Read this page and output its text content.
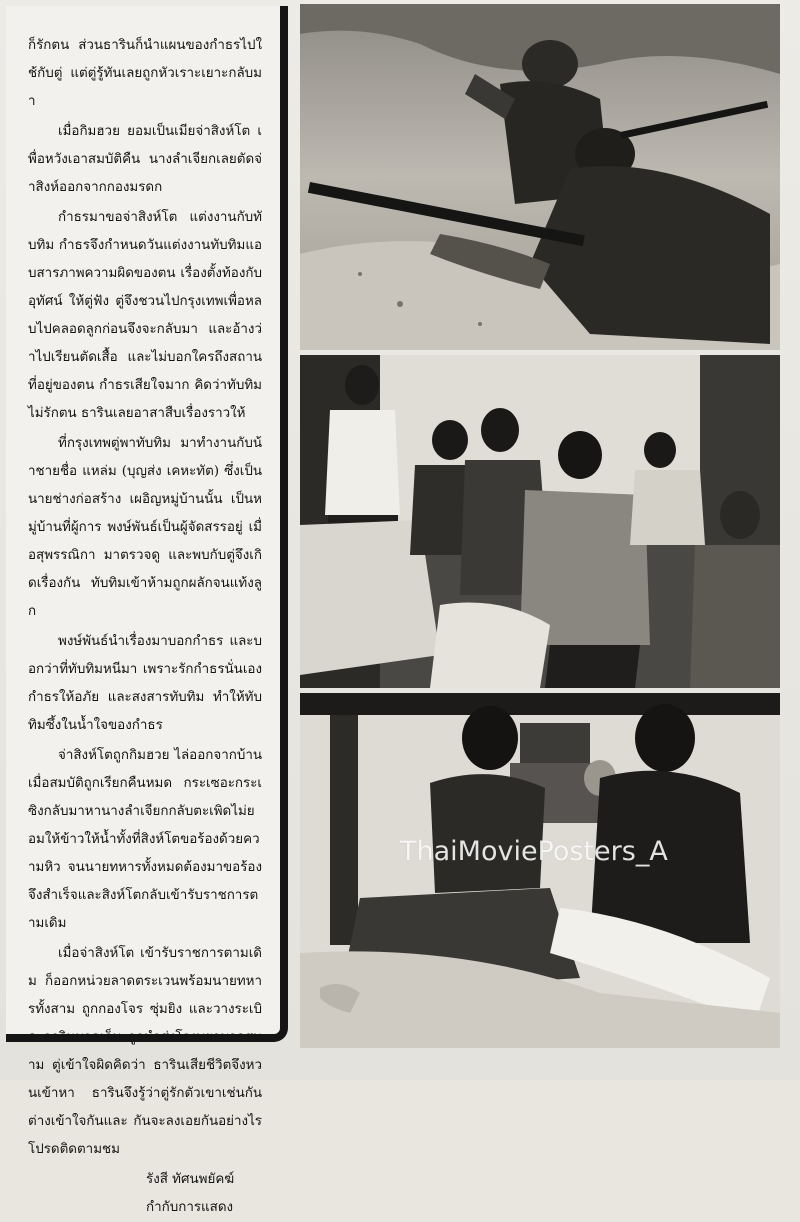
ก็รักตน ส่วนธารินก็นำแผนของกำธรไปใช้กับตู่ แต่ตู่รู้ทันเลยถูกหัวเราะเยาะกลับมา

เมื่อกิมฮวย ยอมเป็นเมียจ่าสิงห์โต เพื่อหวังเอาสมบัติคืน นางลำเจียกเลยตัดจ่าสิงห์ออกจากกองมรดก

กำธรมาขอจ่าสิงห์โต แต่งงานกับทับทิม กำธรจึงกำหนดวันแต่งงานทับทิมแอบสารภาพความผิดของตน เรื่องตั้งท้องกับอุทัศน์ ให้ตู่ฟัง ตู่จึงชวนไปกรุงเทพเพื่อหลบไปคลอดลูกก่อนจึงจะกลับมา และอ้างว่าไปเรียนตัดเสื้อ และไม่บอกใครถึงสถานที่อยู่ของตน กำธรเสียใจมาก คิดว่าทับทิมไม่รักตน ธารินเลยอาสาสืบเรื่องราวให้

ที่กรุงเทพตู่พาทับทิม มาทำงานกับน้าชายชื่อ แหล่ม (บุญส่ง เคหะทัต) ซึ่งเป็นนายช่างก่อสร้าง เผอิญหมู่บ้านนั้น เป็นหมู่บ้านที่ผู้การ พงษ์พันธ์เป็นผู้จัดสรรอยู่ เมื่อสุพรรณิกา มาตรวจดู และพบกับตู่จึงเกิดเรื่องกัน ทับทิมเข้าห้ามถูกผลักจนแท้งลูก

พงษ์พันธ์นำเรื่องมาบอกกำธร และบอกว่าที่ทับทิมหนีมา เพราะรักกำธรนั่นเอง กำธรให้อภัย และสงสารทับทิม ทำให้ทับทิมซึ้งในน้ำใจของกำธร

จ่าสิงห์โตถูกกิมฮวย ไล่ออกจากบ้านเมื่อสมบัติถูกเรียกคืนหมด กระเซอะกระเซิงกลับมาหานางลำเจียกกลับตะเพิดไม่ยอมให้ข้าวให้น้ำทั้งที่สิงห์โตขอร้องด้วยความหิว จนนายทหารทั้งหมดต้องมาขอร้อง จึงสำเร็จและสิงห์โตกลับเข้ารับราชการตามเดิม

เมื่อจ่าสิงห์โต เข้ารับราชการตามเดิม ก็ออกหน่วยลาดตระเวนพร้อมนายทหารทั้งสาม ถูกกองโจร ซุ่มยิง และวางระเบิด ธารินบาดเจ็บ ถูกนำส่งโรงพยาบาลสนาม ตู่เข้าใจผิดคิดว่า ธารินเสียชีวิตจึงหวนเข้าหา ธารินจึงรู้ว่าตู่รักตัวเขาเช่นกัน ต่างเข้าใจกันและ กันจะลงเอยกันอย่างไรโปรดติดตามชม

รังสี ทัศนพยัคฆ์
กำกับการแสดง
ThaiMoviePosters_A
